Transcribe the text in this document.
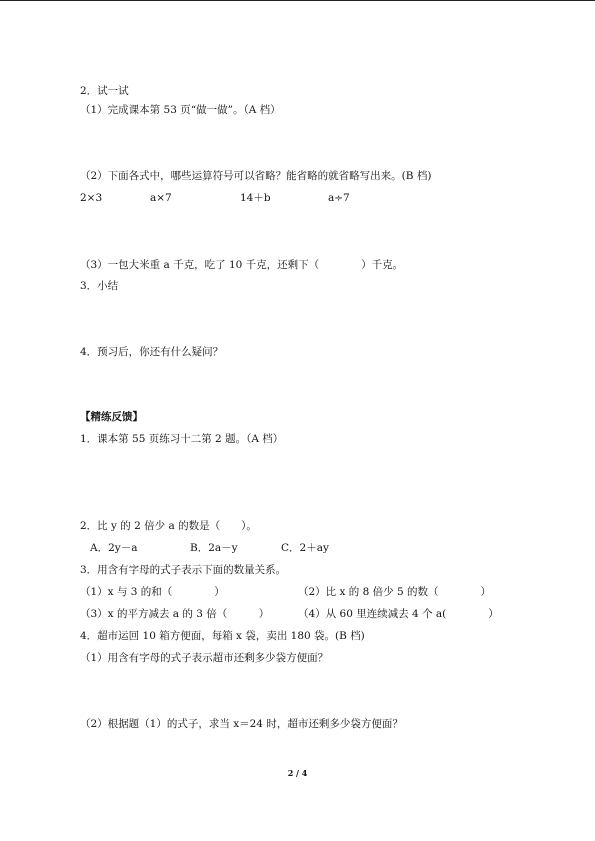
2．试一试
（1）完成课本第 53 页“做一做”。（A 档）
（2）下面各式中，哪些运算符号可以省略？能省略的就省略写出来。(B 档)
2×3	a×7	14＋b	a÷7
（3）一包大米重 a 千克，吃了 10 千克，还剩下（　　　　）千克。
3．小结
4．预习后，你还有什么疑问？
【精练反馈】
1．课本第 55 页练习十二第 2 题。（A 档）
2．比 y 的 2 倍少 a 的数是（　　）。
A．2y－a	B．2a－y	C．2＋ay
3．用含有字母的式子表示下面的数量关系。
（1）x 与 3 的和（　　　　）	（2）比 x 的 8 倍少 5 的数（　　　　）
（3）x 的平方减去 a 的 3 倍（　　　）	（4）从 60 里连续减去 4 个 a(　　　　）
4．超市运回 10 箱方便面，每箱 x 袋，卖出 180 袋。(B 档)
（1）用含有字母的式子表示超市还剩多少袋方便面？
（2）根据题（1）的式子，求当 x＝24 时，超市还剩多少袋方便面？
2 / 4
